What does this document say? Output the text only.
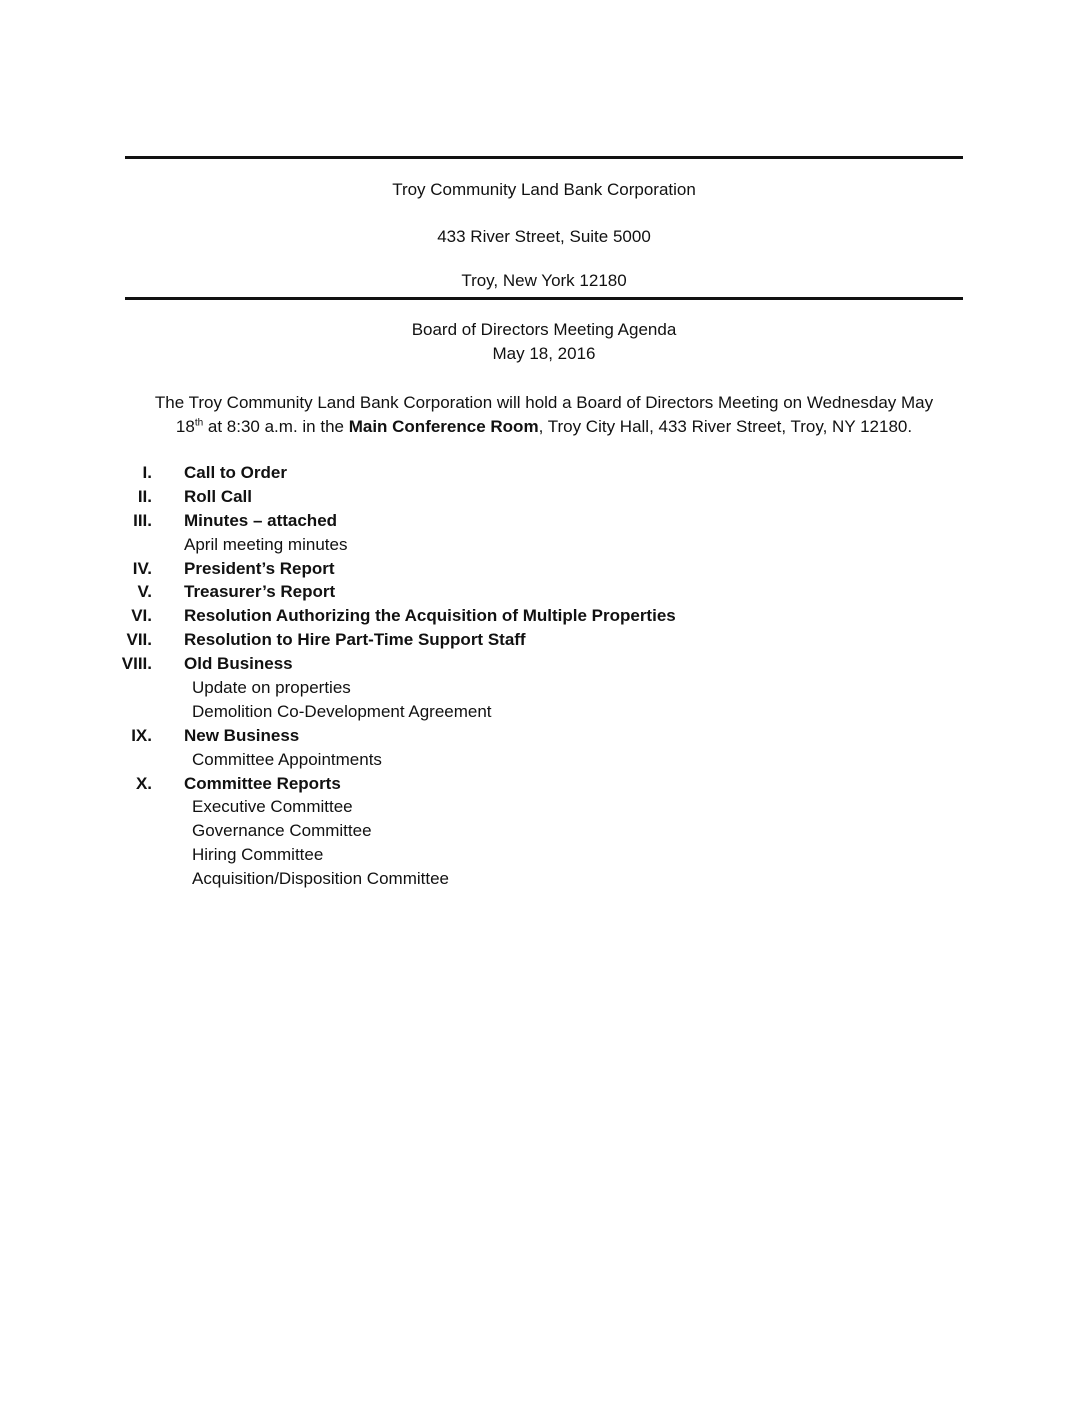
Troy Community Land Bank Corporation
433 River Street, Suite 5000
Troy, New York 12180
Board of Directors Meeting Agenda
May 18, 2016
The Troy Community Land Bank Corporation will hold a Board of Directors Meeting on Wednesday May
18th at 8:30 a.m. in the Main Conference Room, Troy City Hall, 433 River Street, Troy, NY 12180.
I. Call to Order
II. Roll Call
III. Minutes – attached
April meeting minutes
IV. President’s Report
V. Treasurer’s Report
VI. Resolution Authorizing the Acquisition of Multiple Properties
VII. Resolution to Hire Part-Time Support Staff
VIII. Old Business
Update on properties
Demolition Co-Development Agreement
IX. New Business
Committee Appointments
X. Committee Reports
Executive Committee
Governance Committee
Hiring Committee
Acquisition/Disposition Committee
